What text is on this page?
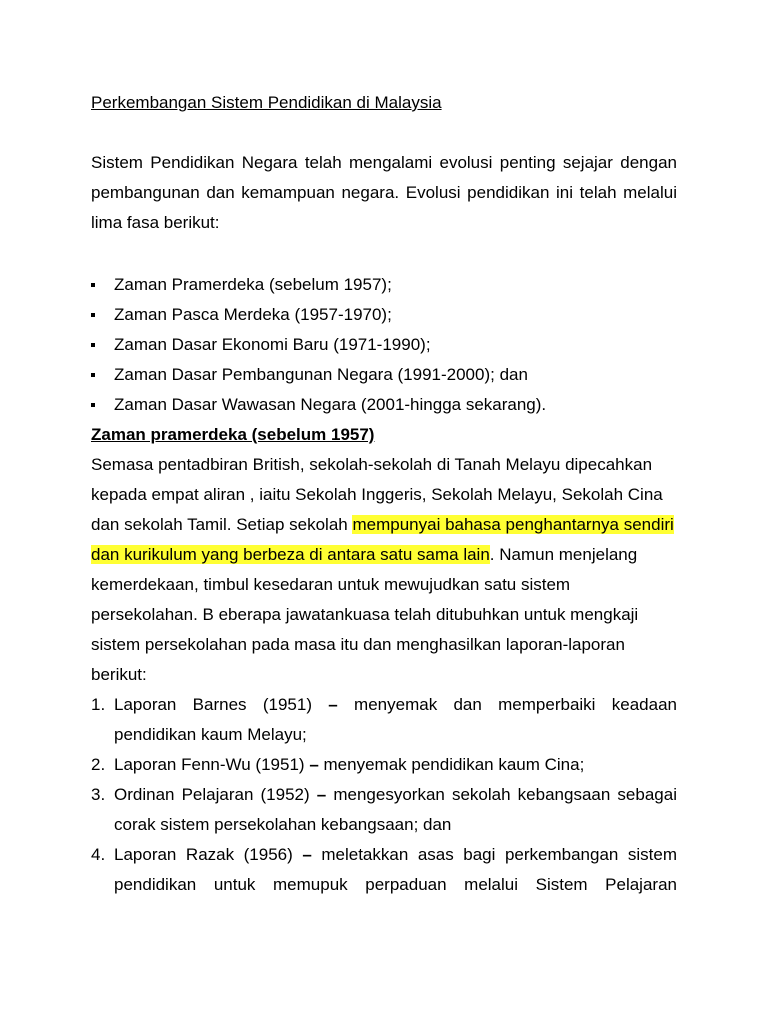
Perkembangan Sistem Pendidikan di Malaysia
Sistem Pendidikan Negara telah mengalami evolusi penting sejajar dengan pembangunan dan kemampuan negara. Evolusi pendidikan ini telah melalui lima fasa berikut:
Zaman Pramerdeka (sebelum 1957);
Zaman Pasca Merdeka (1957-1970);
Zaman Dasar Ekonomi Baru (1971-1990);
Zaman Dasar Pembangunan Negara (1991-2000); dan
Zaman Dasar Wawasan Negara (2001-hingga sekarang).
Zaman pramerdeka (sebelum 1957)

Semasa pentadbiran British, sekolah-sekolah di Tanah Melayu dipecahkan kepada empat aliran , iaitu Sekolah Inggeris, Sekolah Melayu, Sekolah Cina dan sekolah Tamil. Setiap sekolah mempunyai bahasa penghantarnya sendiri dan kurikulum yang berbeza di antara satu sama lain. Namun menjelang kemerdekaan, timbul kesedaran untuk mewujudkan satu sistem persekolahan. B eberapa jawatankuasa telah ditubuhkan untuk mengkaji sistem persekolahan pada masa itu dan menghasilkan laporan-laporan berikut:

1. Laporan Barnes (1951) – menyemak dan memperbaiki keadaan pendidikan kaum Melayu;
2. Laporan Fenn-Wu (1951) – menyemak pendidikan kaum Cina;
3. Ordinan Pelajaran (1952) – mengesyorkan sekolah kebangsaan sebagai corak sistem persekolahan kebangsaan; dan
4. Laporan Razak (1956) – meletakkan asas bagi perkembangan sistem pendidikan untuk memupuk perpaduan melalui Sistem Pelajaran
